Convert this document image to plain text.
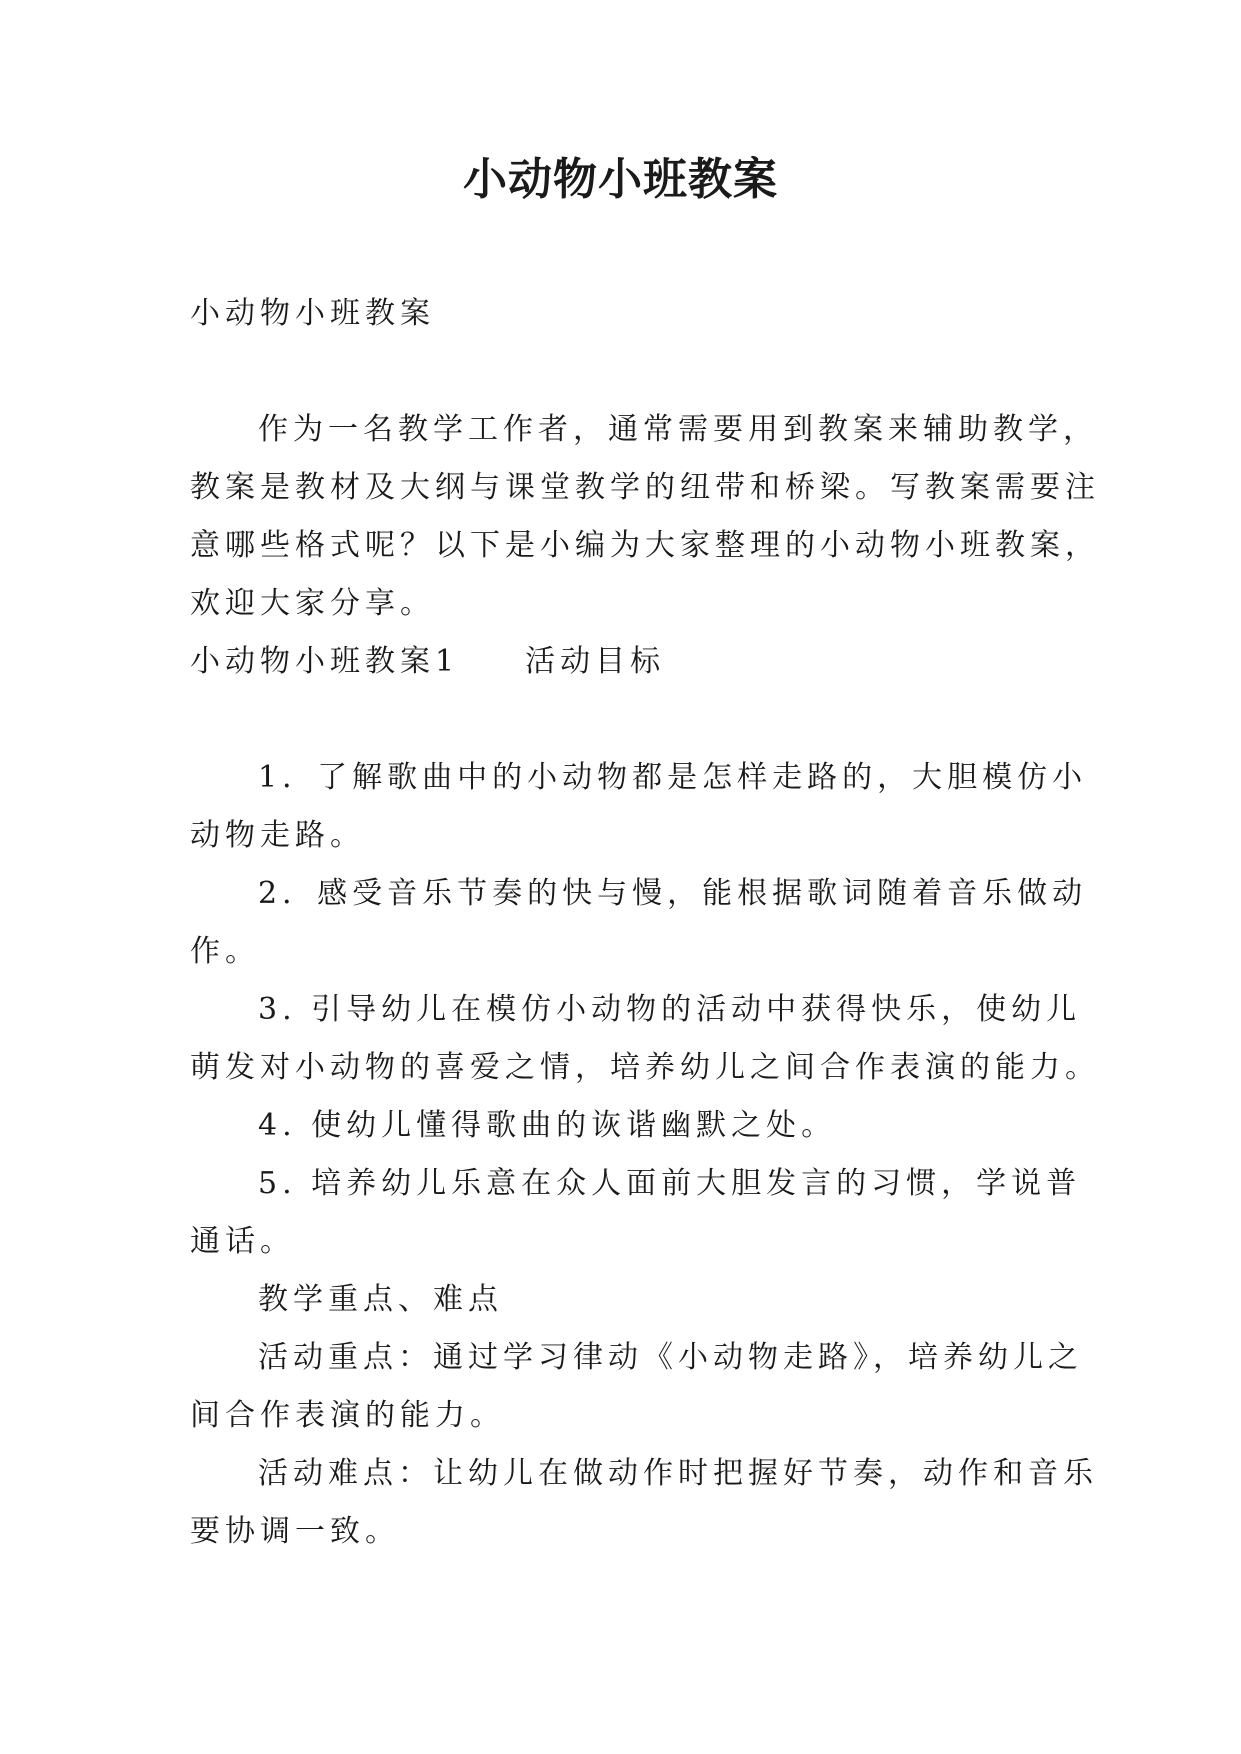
小动物小班教案
小动物小班教案
作为一名教学工作者，通常需要用到教案来辅助教学，
教案是教材及大纲与课堂教学的纽带和桥梁。写教案需要注
意哪些格式呢？以下是小编为大家整理的小动物小班教案，
欢迎大家分享。
小动物小班教案1 活动目标
1．了解歌曲中的小动物都是怎样走路的，大胆模仿小
动物走路。
2．感受音乐节奏的快与慢，能根据歌词随着音乐做动
作。
3. 引导幼儿在模仿小动物的活动中获得快乐，使幼儿
萌发对小动物的喜爱之情，培养幼儿之间合作表演的能力。
4. 使幼儿懂得歌曲的诙谐幽默之处。
5. 培养幼儿乐意在众人面前大胆发言的习惯，学说普
通话。
教学重点、难点
活动重点：通过学习律动《小动物走路》，培养幼儿之
间合作表演的能力。
活动难点：让幼儿在做动作时把握好节奏，动作和音乐
要协调一致。
